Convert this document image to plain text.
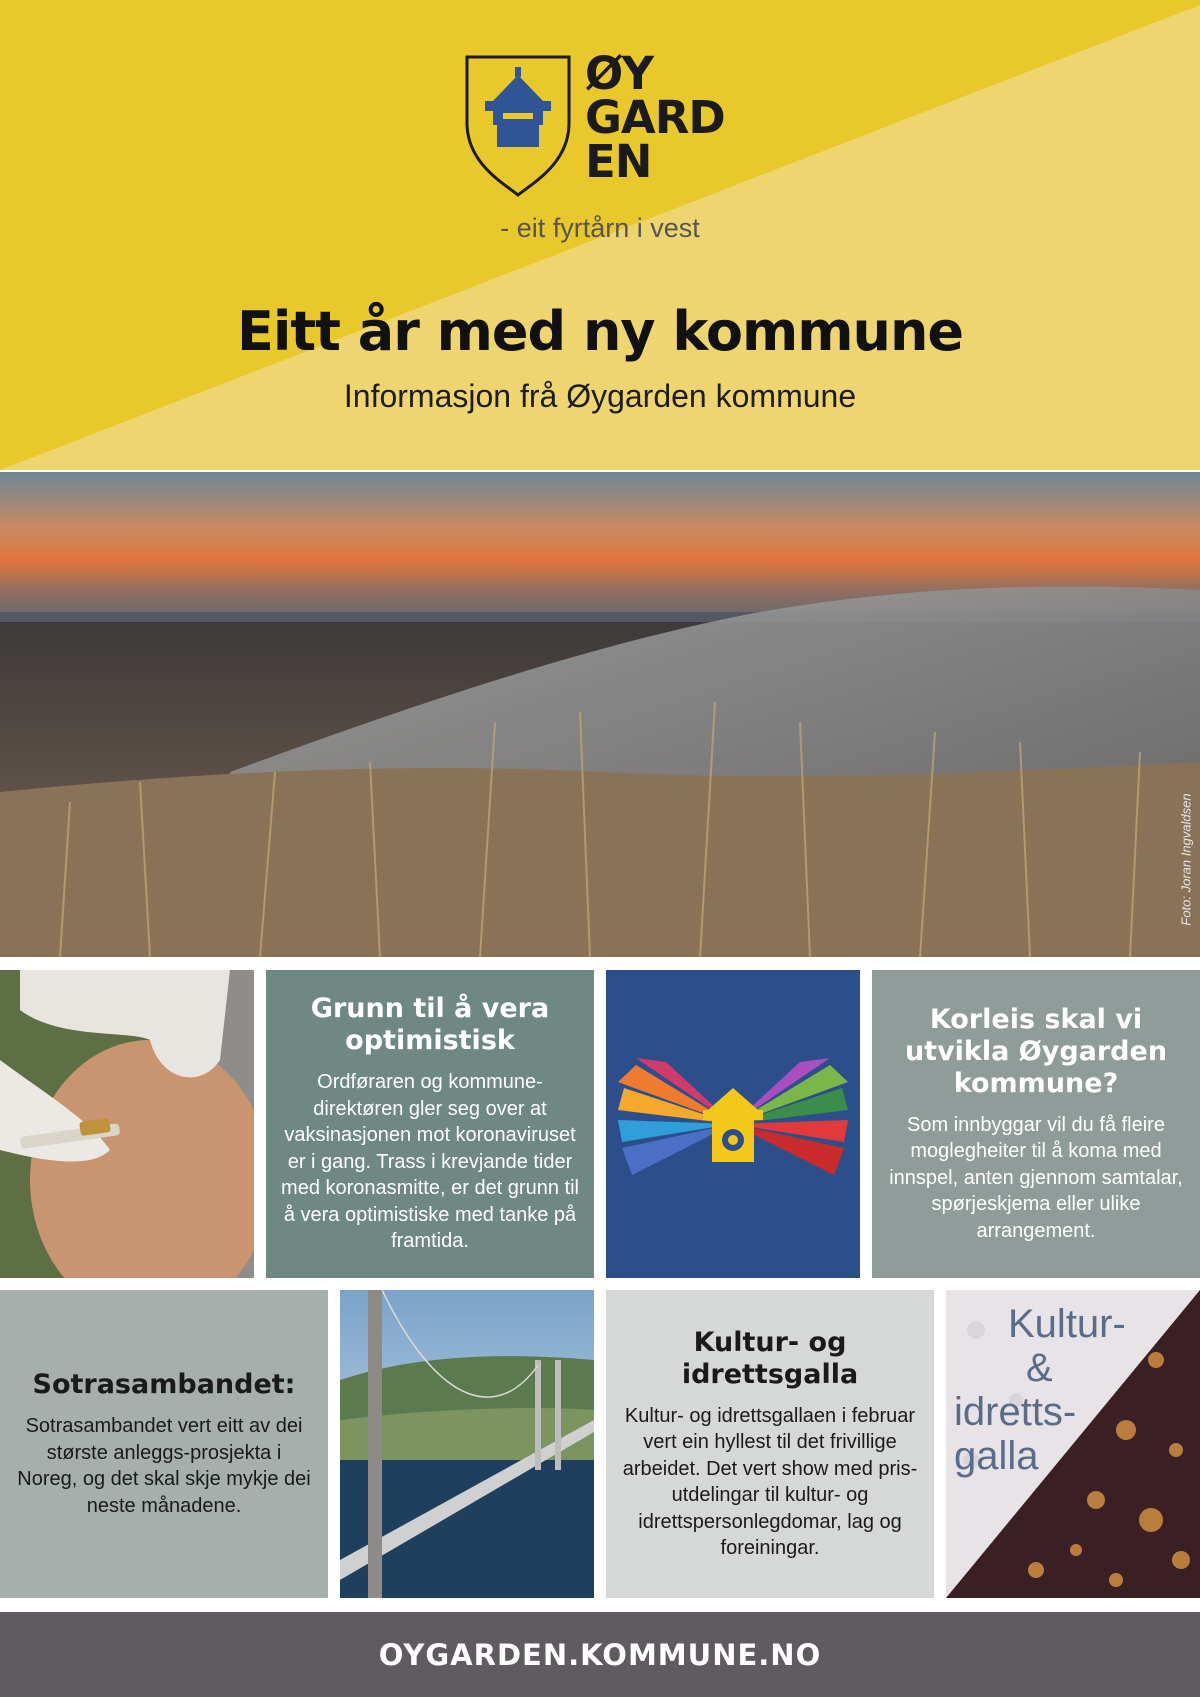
ØY
GARD
EN
- eit fyrtårn i vest
Eitt år med ny kommune
Informasjon frå Øygarden kommune
Foto: Joran Ingvaldsen
Grunn til å vera optimistisk
Ordføraren og kommune-direktøren gler seg over at vaksinasjonen mot koronaviruset er i gang. Trass i krevjande tider med koronasmitte, er det grunn til å vera optimistiske med tanke på framtida.
Korleis skal vi utvikla Øygarden kommune?
Som innbyggar vil du få fleire moglegheiter til å koma med innspel, anten gjennom samtalar, spørjeskjema eller ulike arrangement.
Sotrasambandet:
Sotrasambandet vert eitt av dei største anleggs-prosjekta i Noreg, og det skal skje mykje dei neste månadene.
Kultur- og idrettsgalla
Kultur- og idrettsgallaen i februar vert ein hyllest til det frivillige arbeidet. Det vert show med pris-utdelingar til kultur- og idrettspersonlegdomar, lag og foreiningar.
Kultur-
&
idretts-
galla
OYGARDEN.KOMMUNE.NO
